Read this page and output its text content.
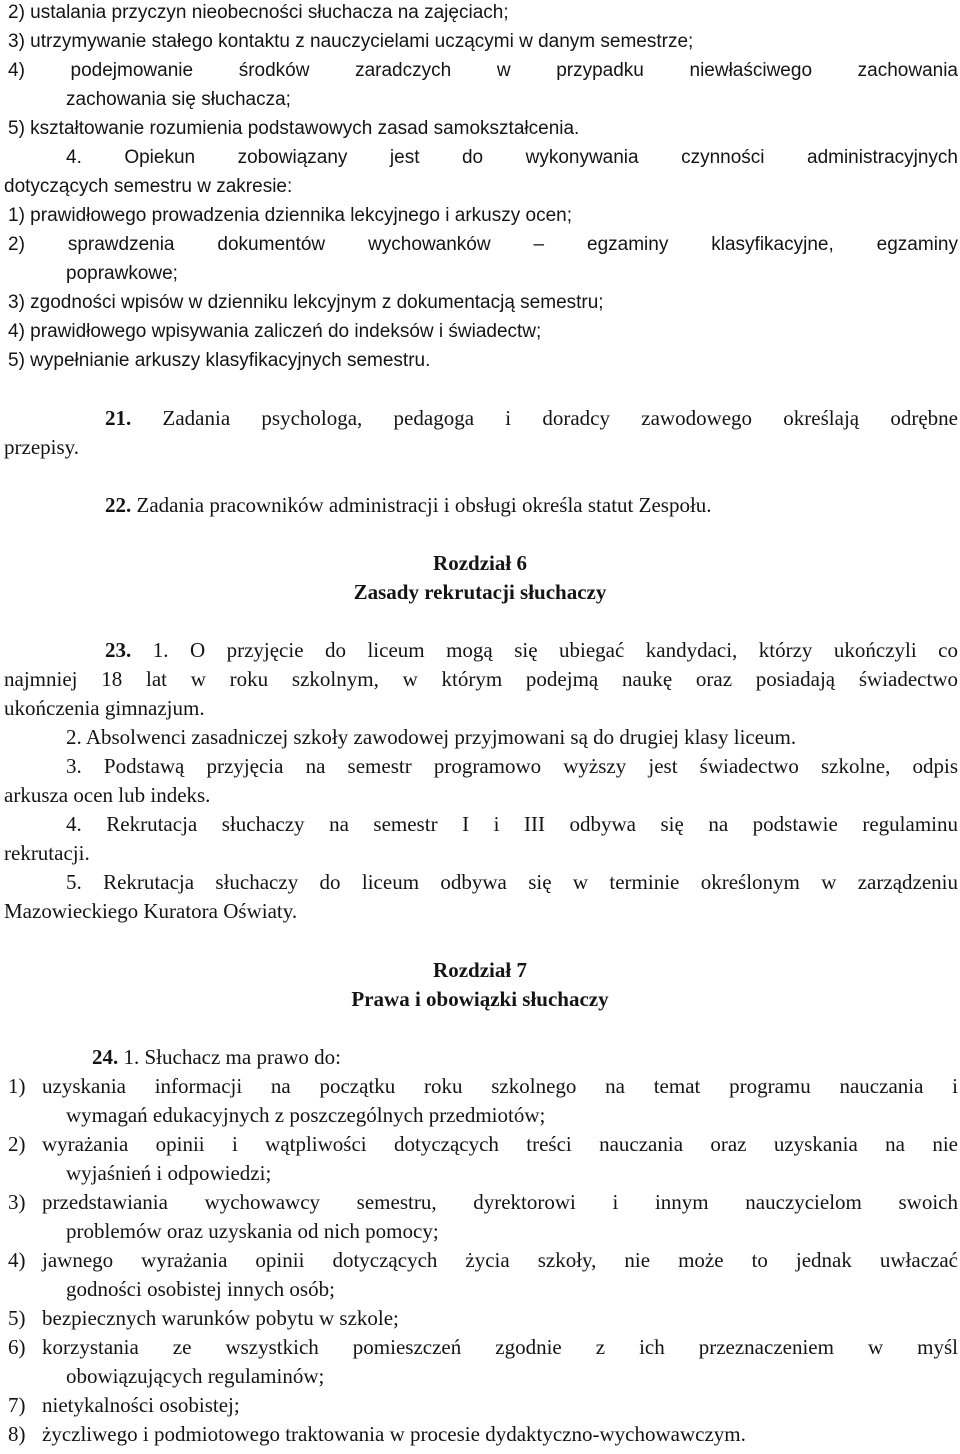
2) ustalania przyczyn nieobecności słuchacza na zajęciach;
3) utrzymywanie stałego kontaktu z nauczycielami uczącymi w danym semestrze;
4) podejmowanie środków zaradczych w przypadku niewłaściwego zachowania
zachowania się słuchacza;
5) kształtowanie rozumienia podstawowych zasad samokształcenia.
4. Opiekun zobowiązany jest do wykonywania czynności administracyjnych
dotyczących semestru w zakresie:
1) prawidłowego prowadzenia dziennika lekcyjnego i arkuszy ocen;
2) sprawdzenia dokumentów wychowanków – egzaminy klasyfikacyjne, egzaminy
poprawkowe;
3) zgodności wpisów w dzienniku lekcyjnym z dokumentacją semestru;
4) prawidłowego wpisywania zaliczeń do indeksów i świadectw;
5) wypełnianie arkuszy klasyfikacyjnych semestru.
21. Zadania psychologa, pedagoga i doradcy zawodowego określają odrębne
przepisy.
22. Zadania pracowników administracji i obsługi określa statut Zespołu.
Rozdział 6
Zasady rekrutacji słuchaczy
23. 1. O przyjęcie do liceum mogą się ubiegać kandydaci, którzy ukończyli co
najmniej 18 lat w roku szkolnym, w którym podejmą naukę oraz posiadają świadectwo
ukończenia gimnazjum.
2. Absolwenci zasadniczej szkoły zawodowej przyjmowani są do drugiej klasy liceum.
3. Podstawą przyjęcia na semestr programowo wyższy jest świadectwo szkolne, odpis
arkusza ocen lub indeks.
4. Rekrutacja słuchaczy na semestr I i III odbywa się na podstawie regulaminu
rekrutacji.
5. Rekrutacja słuchaczy do liceum odbywa się w terminie określonym w zarządzeniu
Mazowieckiego Kuratora Oświaty.
Rozdział 7
Prawa i obowiązki słuchaczy
24. 1. Słuchacz ma prawo do:
1) uzyskania informacji na początku roku szkolnego na temat programu nauczania i
wymagań edukacyjnych z poszczególnych przedmiotów;
2) wyrażania opinii i wątpliwości dotyczących treści nauczania oraz uzyskania na nie
wyjaśnień i odpowiedzi;
3) przedstawiania wychowawcy semestru, dyrektorowi i innym nauczycielom swoich
problemów oraz uzyskania od nich pomocy;
4) jawnego wyrażania opinii dotyczących życia szkoły, nie może to jednak uwłaczać
godności osobistej innych osób;
5) bezpiecznych warunków pobytu w szkole;
6) korzystania ze wszystkich pomieszczeń zgodnie z ich przeznaczeniem w myśl
obowiązujących regulaminów;
7) nietykalności osobistej;
8) życzliwego i podmiotowego traktowania w procesie dydaktyczno-wychowawczym.
